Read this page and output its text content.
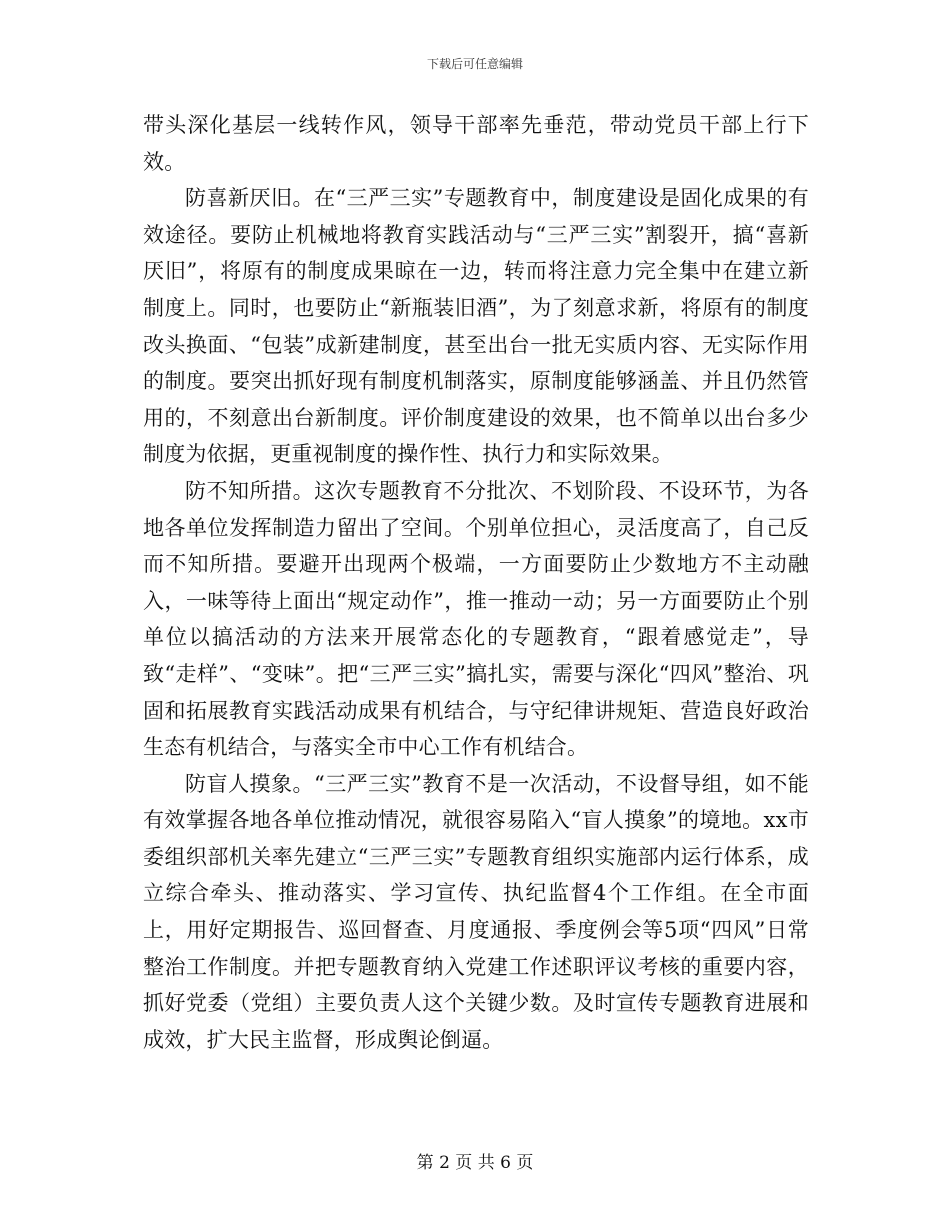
下载后可任意编辑

带头深化基层一线转作风，领导干部率先垂范，带动党员干部上行下效。

防喜新厌旧。在“三严三实”专题教育中，制度建设是固化成果的有效途径。要防止机械地将教育实践活动与“三严三实”割裂开，搞“喜新厌旧”，将原有的制度成果晾在一边，转而将注意力完全集中在建立新制度上。同时，也要防止“新瓶装旧酒”，为了刻意求新，将原有的制度改头换面、“包装”成新建制度，甚至出台一批无实质内容、无实际作用的制度。要突出抓好现有制度机制落实，原制度能够涵盖、并且仍然管用的，不刻意出台新制度。评价制度建设的效果，也不简单以出台多少制度为依据，更重视制度的操作性、执行力和实际效果。

防不知所措。这次专题教育不分批次、不划阶段、不设环节，为各地各单位发挥制造力留出了空间。个别单位担心，灵活度高了，自己反而不知所措。要避开出现两个极端，一方面要防止少数地方不主动融入，一味等待上面出“规定动作”，推一推动一动；另一方面要防止个别单位以搞活动的方法来开展常态化的专题教育，“跟着感觉走”，导致“走样”、“变味”。把“三严三实”搞扎实，需要与深化“四风”整治、巩固和拓展教育实践活动成果有机结合，与守纪律讲规矩、营造良好政治生态有机结合，与落实全市中心工作有机结合。

防盲人摸象。“三严三实”教育不是一次活动，不设督导组，如不能有效掌握各地各单位推动情况，就很容易陷入“盲人摸象”的境地。xx市委组织部机关率先建立“三严三实”专题教育组织实施部内运行体系，成立综合牵头、推动落实、学习宣传、执纪监督4个工作组。在全市面上，用好定期报告、巡回督查、月度通报、季度例会等5项“四风”日常整治工作制度。并把专题教育纳入党建工作述职评议考核的重要内容，抓好党委（党组）主要负责人这个关键少数。及时宣传专题教育进展和成效，扩大民主监督，形成舆论倒逼。

第 2 页 共 6 页
